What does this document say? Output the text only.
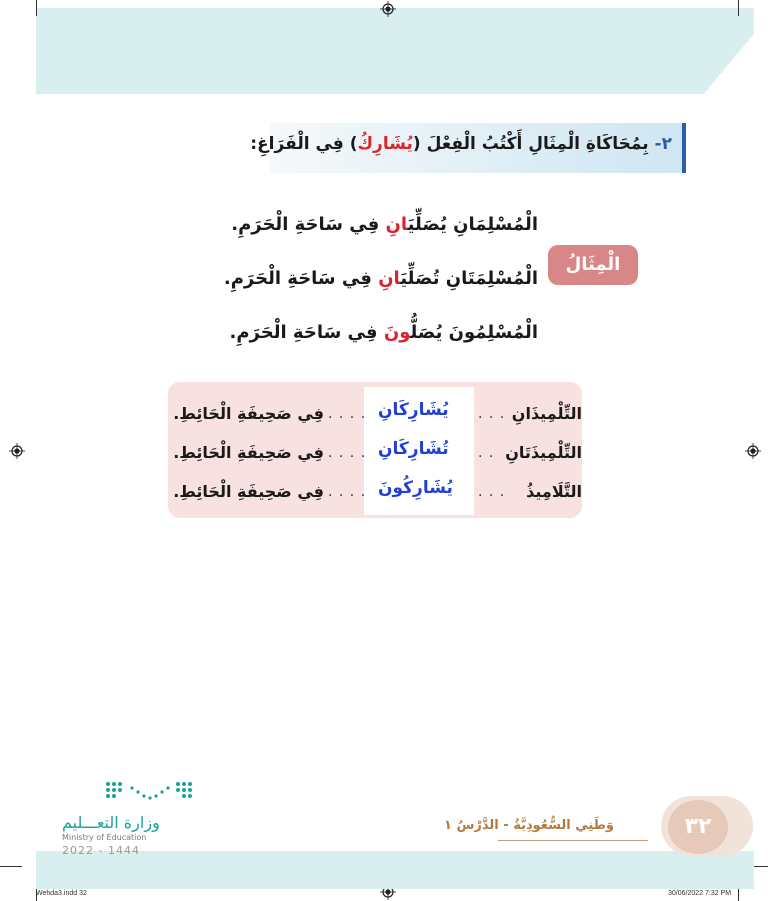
٢- بِمُحَاكَاةِ الْمِثَالِ أَكْتُبُ الْفِعْلَ (يُشَارِكُ) فِي الْفَرَاغِ:
الْمِثَالُ
الْمُسْلِمَانِ يُصَلِّيَانِ فِي سَاحَةِ الْحَرَمِ.
الْمُسْلِمَتَانِ تُصَلِّيَانِ فِي سَاحَةِ الْحَرَمِ.
الْمُسْلِمُونَ يُصَلُّونَ فِي سَاحَةِ الْحَرَمِ.
التِّلْمِيذَانِ
. . .
يُشَارِكَانِ
. . . .
فِي صَحِيفَةِ الْحَائِطِ.
التِّلْمِيذَتَانِ
. .
تُشَارِكَانِ
. . . .
فِي صَحِيفَةِ الْحَائِطِ.
التَّلَامِيذُ
. . .
يُشَارِكُونَ
. . . .
فِي صَحِيفَةِ الْحَائِطِ.
٣٢
وَطَنِي السُّعُودِيَّةُ - الدَّرْسُ ١
وزارة التعـــليم
Ministry of Education
2022 - 1444
Wehda3.indd 32	30/06/2022 7:32 PM
